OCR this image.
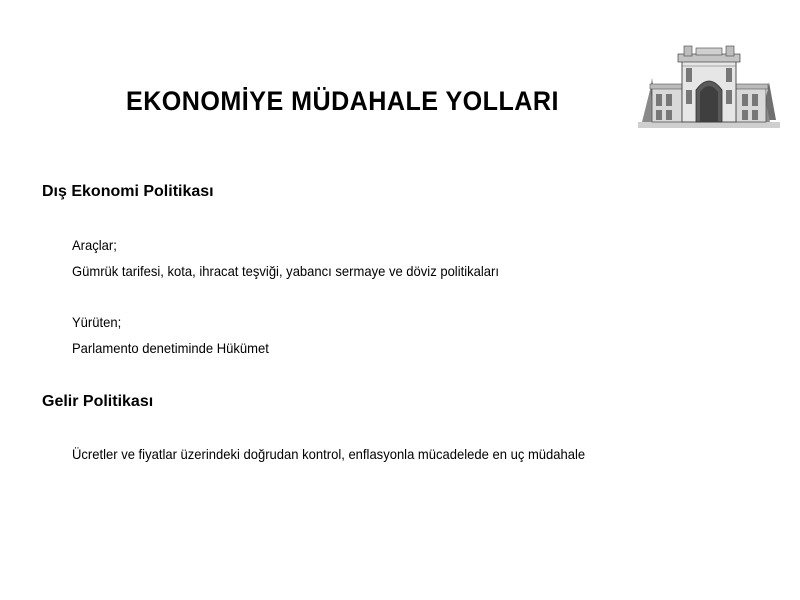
EKONOMİYE MÜDAHALE YOLLARI
Dış Ekonomi Politikası
Araçlar;
Gümrük tarifesi, kota, ihracat teşviği, yabancı sermaye ve döviz politikaları
Yürüten;
Parlamento denetiminde Hükümet
Gelir Politikası
Ücretler ve fiyatlar üzerindeki doğrudan kontrol, enflasyonla mücadelede en uç müdahale
